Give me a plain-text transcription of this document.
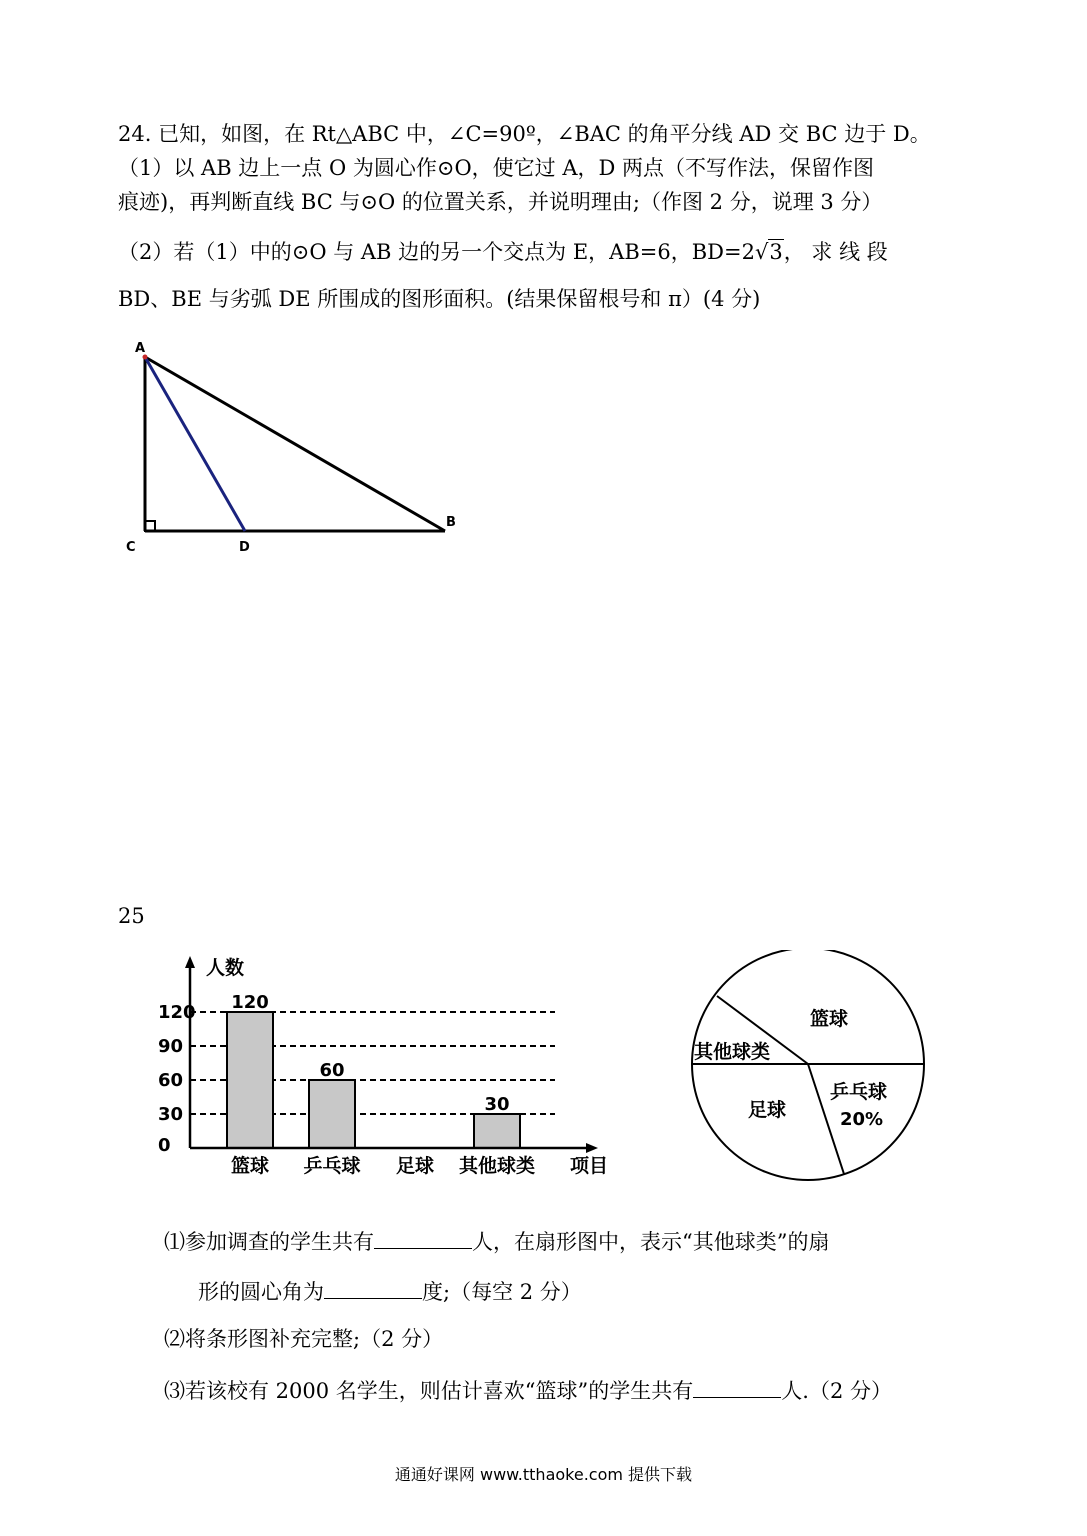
24. 已知，如图，在 Rt△ABC 中，∠C=90º，∠BAC 的角平分线 AD 交 BC 边于 D。
（1）以 AB 边上一点 O 为圆心作⊙O，使它过 A，D 两点（不写作法，保留作图
痕迹)，再判断直线 BC 与⊙O 的位置关系，并说明理由;（作图 2 分，说理 3 分）
（2）若（1）中的⊙O 与 AB 边的另一个交点为 E，AB=6，BD=2√3， 求 线 段
BD、BE 与劣弧 DE 所围成的图形面积。(结果保留根号和 π）(4 分)
A
B
C	D
25
0
30
60
90
120 120
篮球
60
乒乓球 足球
30
其他球类
人数
项目
篮球
其他球类
足球
乒乓球
20%
⑴参加调查的学生共有	人，在扇形图中，表示“其他球类”的扇
形的圆心角为	度;（每空 2 分）
⑵将条形图补充完整;（2 分）
⑶若该校有 2000 名学生，则估计喜欢“篮球”的学生共有	人.（2 分）
通通好课网 www.tthaoke.com 提供下载
